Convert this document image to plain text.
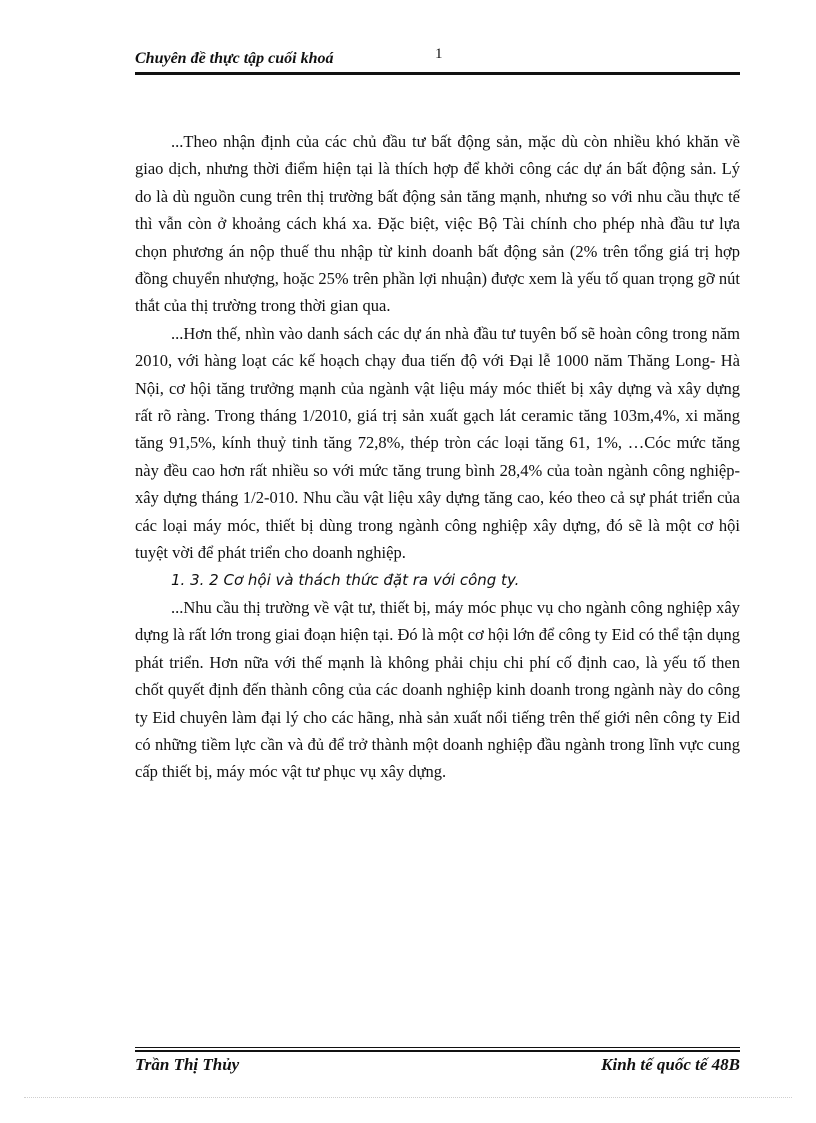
Chuyên đề thực tập cuối khoá	1

...Theo nhận định của các chủ đầu tư bất động sản, mặc dù còn nhiều khó khăn về giao dịch, nhưng thời điểm hiện tại là thích hợp để khởi công các dự án bất động sản. Lý do là dù nguồn cung trên thị trường bất động sản tăng mạnh, nhưng so với nhu cầu thực tế thì vẫn còn ở khoảng cách khá xa. Đặc biệt, việc Bộ Tài chính cho phép nhà đầu tư lựa chọn phương án nộp thuế thu nhập từ kinh doanh bất động sản (2% trên tổng giá trị hợp đồng chuyển nhượng, hoặc 25% trên phần lợi nhuận) được xem là yếu tố quan trọng gỡ nút thắt của thị trường trong thời gian qua.

...Hơn thế, nhìn vào danh sách các dự án nhà đầu tư tuyên bố sẽ hoàn công trong năm 2010, với hàng loạt các kế hoạch chạy đua tiến độ với Đại lễ 1000 năm Thăng Long- Hà Nội, cơ hội tăng trưởng mạnh của ngành vật liệu máy móc thiết bị xây dựng và xây dựng rất rõ ràng. Trong tháng 1/2010, giá trị sản xuất gạch lát ceramic tăng 103m,4%, xi măng tăng 91,5%, kính thuỷ tinh tăng 72,8%, thép tròn các loại tăng 61, 1%, …Cóc mức tăng này đều cao hơn rất nhiều so với mức tăng trung bình 28,4% của toàn ngành công nghiệp- xây dựng tháng 1/2-010. Nhu cầu vật liệu xây dựng tăng cao, kéo theo cả sự phát triển của các loại máy móc, thiết bị dùng trong ngành công nghiệp xây dựng, đó sẽ là một cơ hội tuyệt vời để phát triển cho doanh nghiệp.

1. 3. 2 Cơ hội và thách thức đặt ra với công ty.

...Nhu cầu thị trường về vật tư, thiết bị, máy móc phục vụ cho ngành công nghiệp xây dựng là rất lớn trong giai đoạn hiện tại. Đó là một cơ hội lớn để công ty Eid có thể tận dụng phát triển. Hơn nữa với thế mạnh là không phải chịu chi phí cố định cao, là yếu tố then chốt quyết định đến thành công của các doanh nghiệp kinh doanh trong ngành này do công ty Eid chuyên làm đại lý cho các hãng, nhà sản xuất nổi tiếng trên thế giới nên công ty Eid có những tiềm lực cần và đủ để trở thành một doanh nghiệp đầu ngành trong lĩnh vực cung cấp thiết bị, máy móc vật tư phục vụ xây dựng.

Trần Thị Thủy	Kinh tế quốc tế 48B
